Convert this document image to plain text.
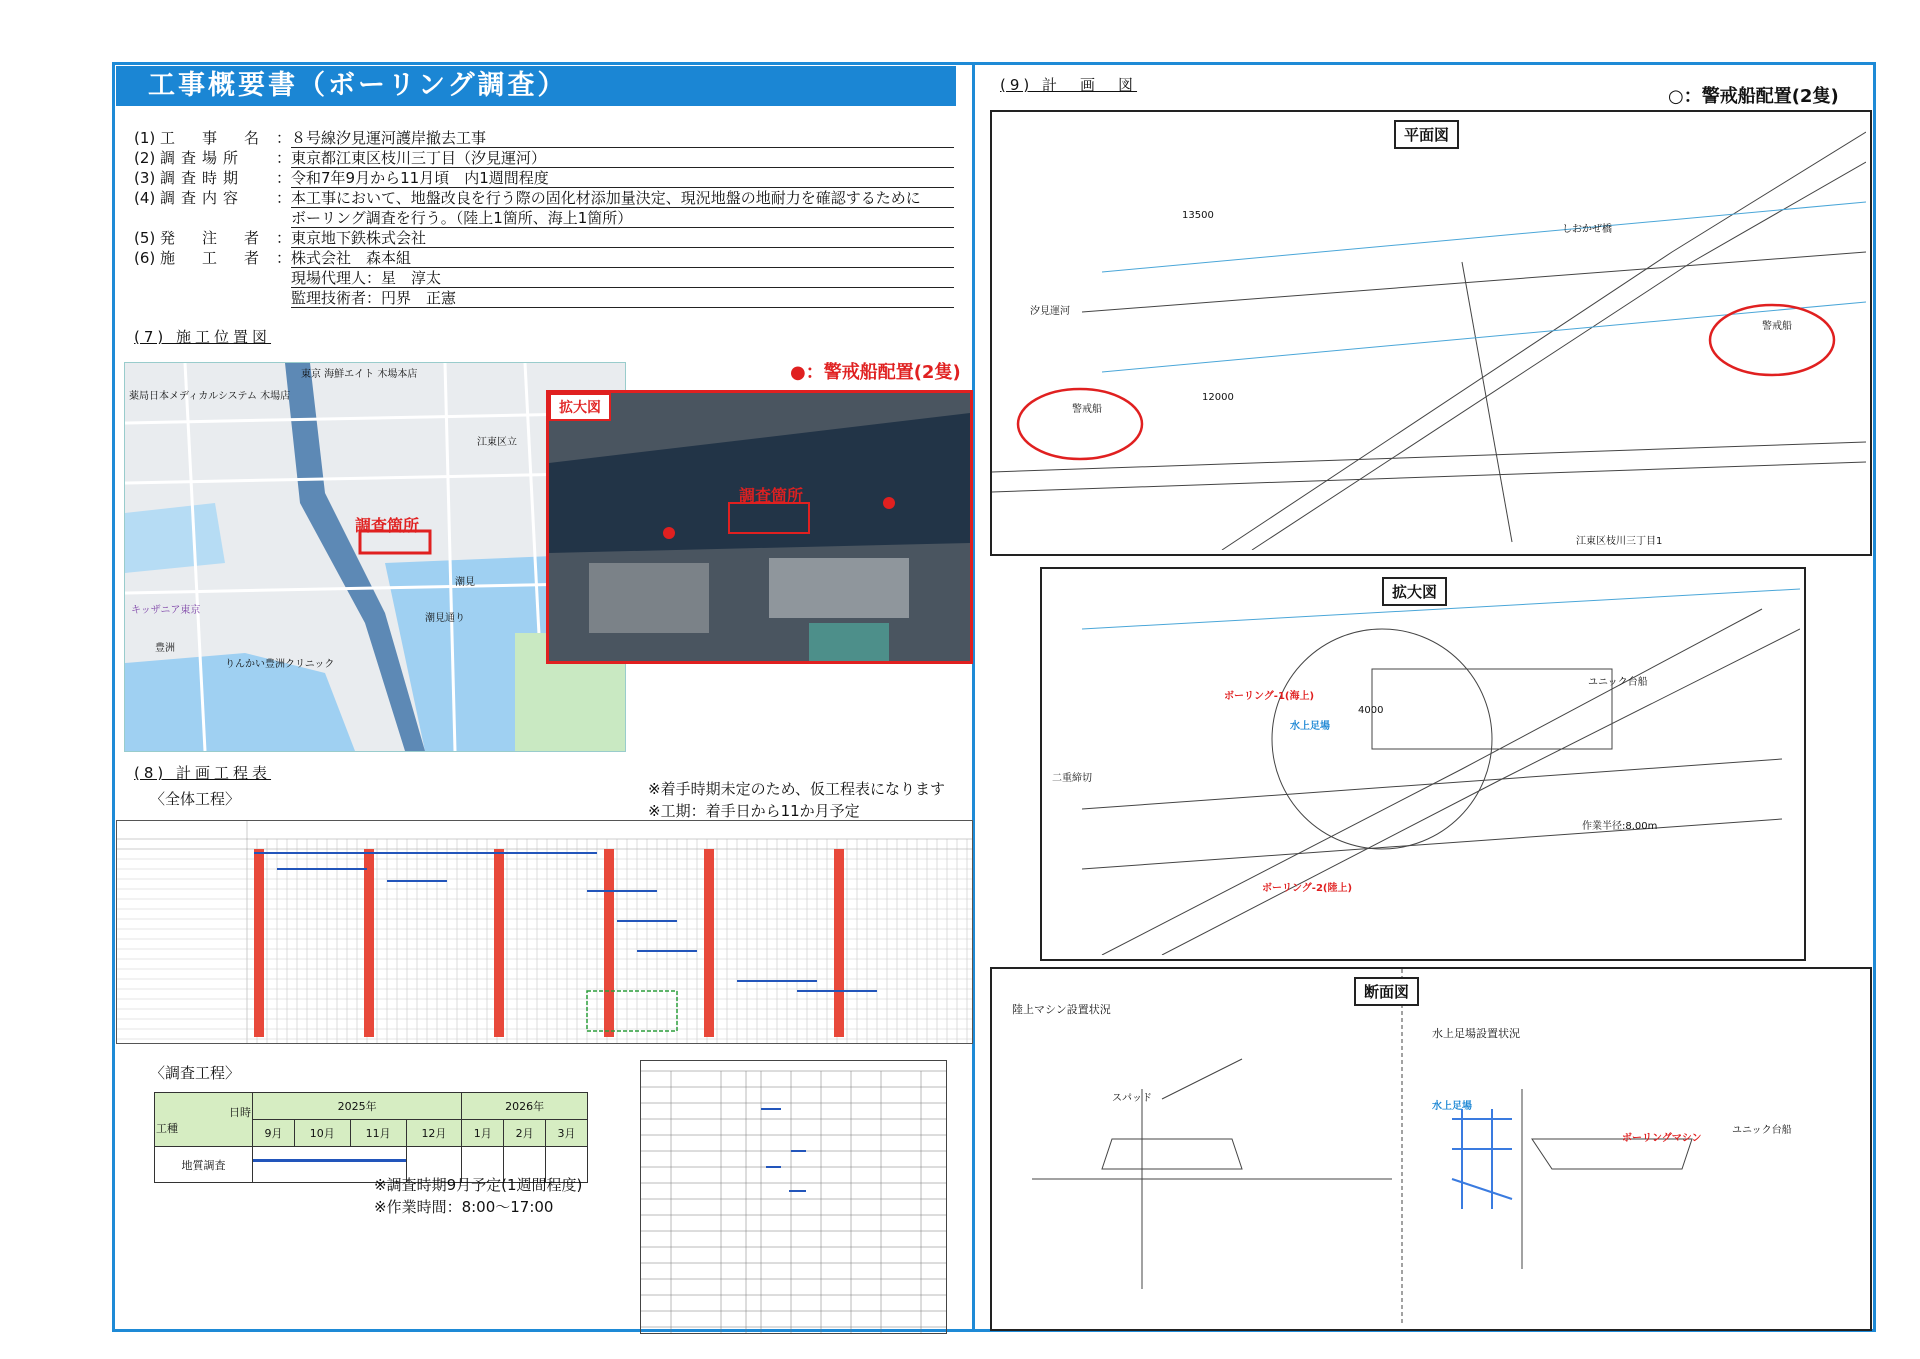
工事概要書（ボーリング調査）
(1) 工　事　名 ： ８号線汐見運河護岸撤去工事
(2) 調査場所	： 東京都江東区枝川三丁目（汐見運河）
(3) 調査時期	： 令和7年9月から11月頃　内1週間程度
(4) 調査内容	： 本工事において、地盤改良を行う際の固化材添加量決定、現況地盤の地耐力を確認するために

ボーリング調査を行う。（陸上1箇所、海上1箇所）
(5) 発　注　者 ： 東京地下鉄株式会社
(6) 施　工　者 ： 株式会社　森本組

現場代理人：星　淳太

監理技術者：円界　正憲
(7) 施工位置図
調査箇所
東京 海鮮エイト 木場本店
薬局日本メディカルシステム 木場店
江東区立
潮見
キッザニア東京
豊洲
りんかい豊洲クリニック
潮見通り
●：警戒船配置(2隻)
拡大図
調査箇所
(8) 計画工程表
〈全体工程〉
※着手時期未定のため、仮工程表になります
※工期：着手日から11か月予定
〈調査工程〉
日時
工種	2025年				2026年		
	9月	10月	11月	12月	1月	2月	3月
地質調査			

※調査時期9月予定(1週間程度)
※作業時間：8:00～17:00
(9) 計　画　図
○：警戒船配置(2隻)
平面図
汐見運河
しおかぜ橋
警戒船
警戒船
江東区枝川三丁目1
13500
12000
拡大図
ボーリング-1(海上)
水上足場
ボーリング-2(陸上)
ユニック台船
二重締切
作業半径:8.00m
4000
断面図
陸上マシン設置状況
水上足場設置状況
水上足場
ボーリングマシン
ユニック台船
スパッド
